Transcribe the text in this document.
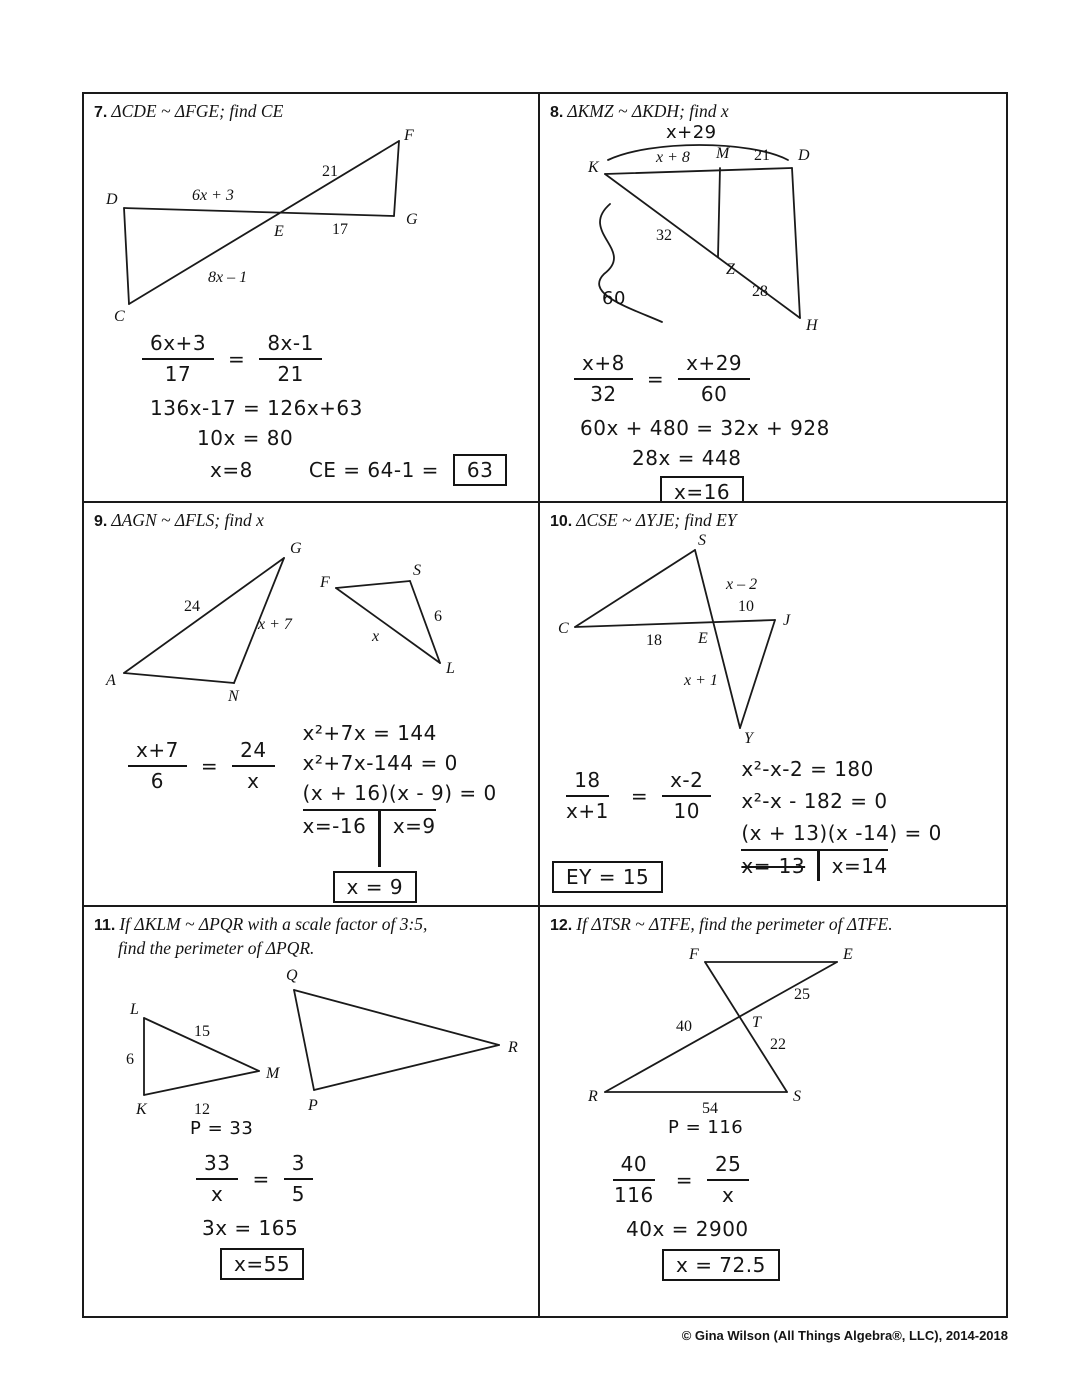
7. ΔCDE ~ ΔFGE; find CE
F
21
D	6x + 3
E	17
G
8x – 1
C
$\frac{6x+3}{17} = \frac{8x-1}{21}$
136x-17 = 126x+63
10x = 80
x=8	CE = 64-1 =	63
8. ΔKMZ ~ ΔKDH; find x
x+29
K
x + 8 M 21 D
32
Z
28
H
60
$\frac{x+8}{32} = \frac{x+29}{60}$
60x + 480 = 32x + 928
28x = 448
x=16
9. ΔAGN ~ ΔFLS; find x
G
24
x + 7
A
N
F
S
6
x
L
$\frac{x+7}{6} = \frac{24}{x}$
x²+7x = 144
x²+7x-144 = 0
(x + 16)(x - 9) = 0
x=-16 x=9
x = 9
10. ΔCSE ~ ΔYJE; find EY
S
x – 2
10
C
18 E
J
x + 1
Y
$\frac{18}{x+1} = \frac{x-2}{10}$
EY = 15
x²-x-2 = 180
x²-x - 182 = 0
(x + 13)(x -14) = 0
x=-13 x=14
11. If ΔKLM ~ ΔPQR with a scale factor of 3:5,
find the perimeter of ΔPQR.
L
15
M
6
K	12
Q
R
P
P = 33
$\frac{33}{x} = \frac{3}{5}$
3x = 165
x=55
12. If ΔTSR ~ ΔTFE, find the perimeter of ΔTFE.
F	E
25
T
40
22
R
54
S
P = 116
$\frac{40}{116} = \frac{25}{x}$
40x = 2900
x = 72.5
© Gina Wilson (All Things Algebra®, LLC), 2014-2018
